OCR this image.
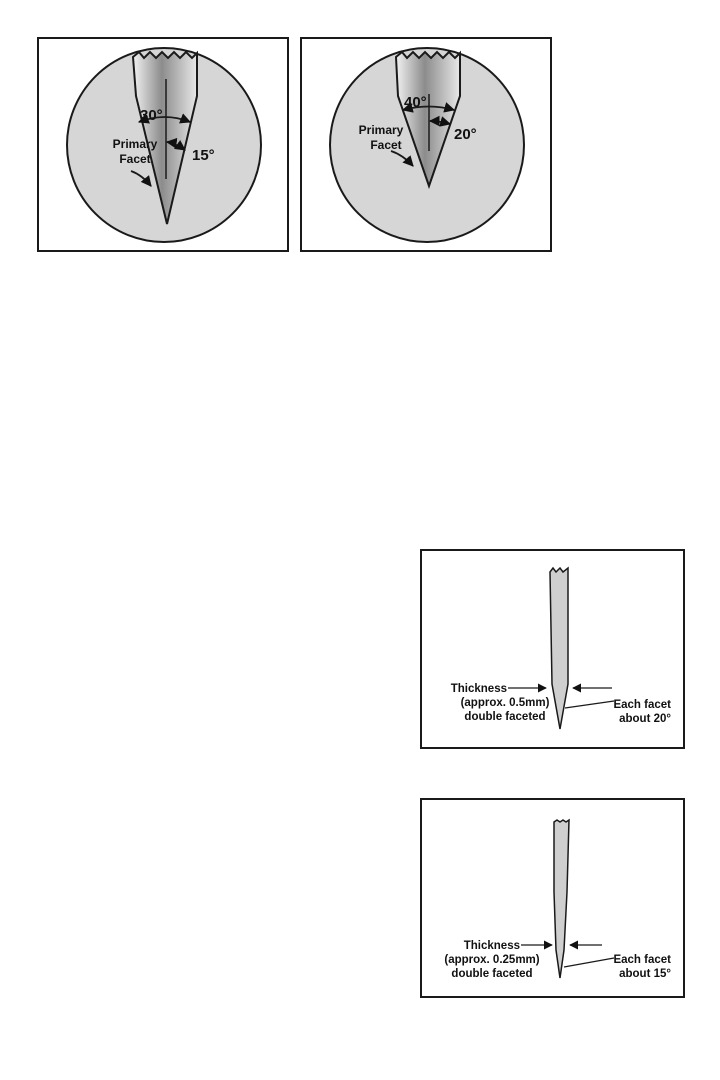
30°
15°
Primary
Facet
40°
20°
Primary
Facet
Thickness
(approx. 0.5mm)
double faceted
Each facet
about 20°
Thickness
(approx. 0.25mm)
double faceted
Each facet
about 15°
